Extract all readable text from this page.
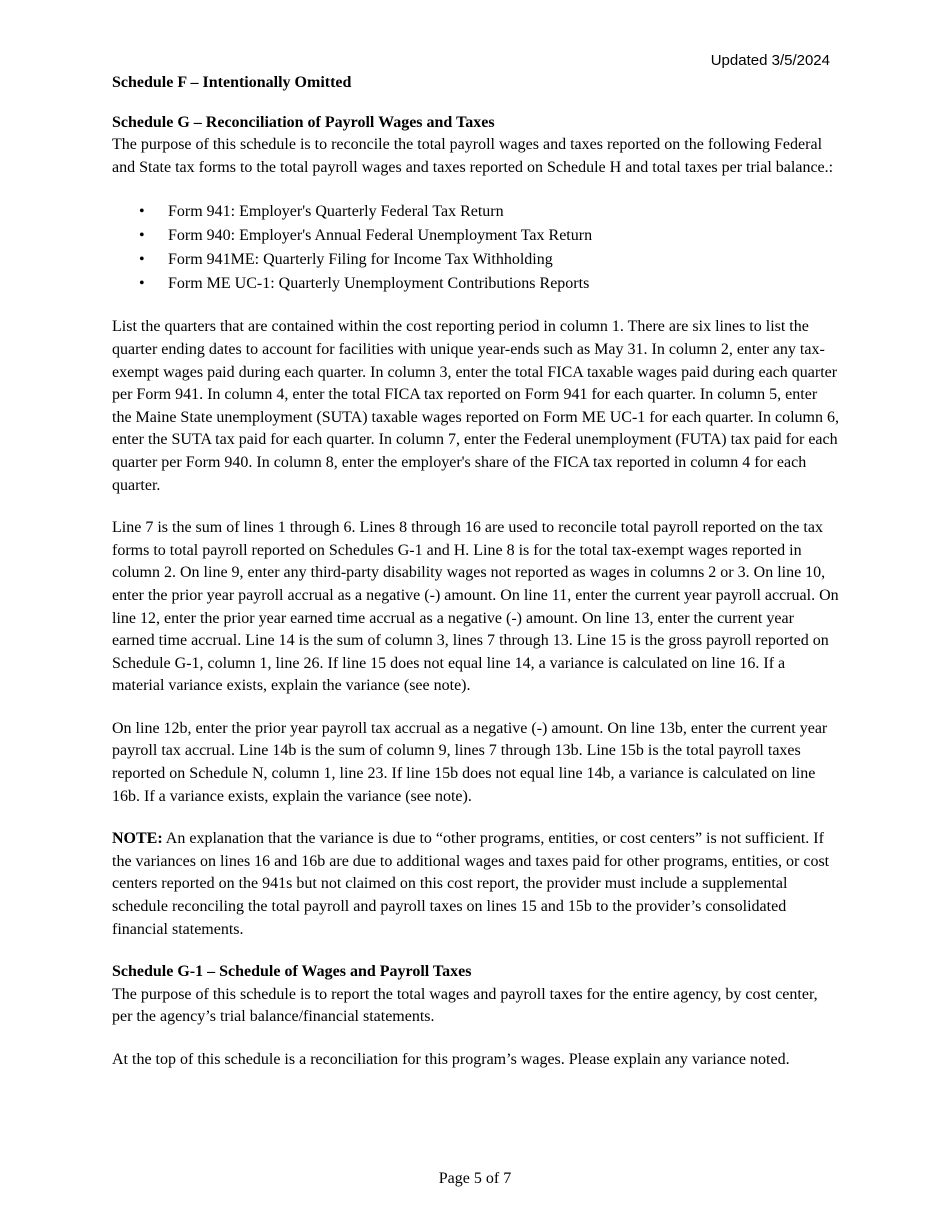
Updated 3/5/2024

Schedule F – Intentionally Omitted

Schedule G – Reconciliation of Payroll Wages and Taxes

The purpose of this schedule is to reconcile the total payroll wages and taxes reported on the following Federal and State tax forms to the total payroll wages and taxes reported on Schedule H and total taxes per trial balance.:

• Form 941: Employer's Quarterly Federal Tax Return
• Form 940: Employer's Annual Federal Unemployment Tax Return
• Form 941ME: Quarterly Filing for Income Tax Withholding
• Form ME UC-1: Quarterly Unemployment Contributions Reports

List the quarters that are contained within the cost reporting period in column 1. There are six lines to list the quarter ending dates to account for facilities with unique year-ends such as May 31. In column 2, enter any tax-exempt wages paid during each quarter. In column 3, enter the total FICA taxable wages paid during each quarter per Form 941. In column 4, enter the total FICA tax reported on Form 941 for each quarter. In column 5, enter the Maine State unemployment (SUTA) taxable wages reported on Form ME UC-1 for each quarter. In column 6, enter the SUTA tax paid for each quarter. In column 7, enter the Federal unemployment (FUTA) tax paid for each quarter per Form 940. In column 8, enter the employer's share of the FICA tax reported in column 4 for each quarter.

Line 7 is the sum of lines 1 through 6. Lines 8 through 16 are used to reconcile total payroll reported on the tax forms to total payroll reported on Schedules G-1 and H. Line 8 is for the total tax-exempt wages reported in column 2. On line 9, enter any third-party disability wages not reported as wages in columns 2 or 3. On line 10, enter the prior year payroll accrual as a negative (-) amount. On line 11, enter the current year payroll accrual. On line 12, enter the prior year earned time accrual as a negative (-) amount. On line 13, enter the current year earned time accrual. Line 14 is the sum of column 3, lines 7 through 13. Line 15 is the gross payroll reported on Schedule G-1, column 1, line 26. If line 15 does not equal line 14, a variance is calculated on line 16. If a material variance exists, explain the variance (see note).

On line 12b, enter the prior year payroll tax accrual as a negative (-) amount. On line 13b, enter the current year payroll tax accrual. Line 14b is the sum of column 9, lines 7 through 13b. Line 15b is the total payroll taxes reported on Schedule N, column 1, line 23. If line 15b does not equal line 14b, a variance is calculated on line 16b. If a variance exists, explain the variance (see note).

NOTE: An explanation that the variance is due to “other programs, entities, or cost centers” is not sufficient. If the variances on lines 16 and 16b are due to additional wages and taxes paid for other programs, entities, or cost centers reported on the 941s but not claimed on this cost report, the provider must include a supplemental schedule reconciling the total payroll and payroll taxes on lines 15 and 15b to the provider’s consolidated financial statements.

Schedule G-1 – Schedule of Wages and Payroll Taxes

The purpose of this schedule is to report the total wages and payroll taxes for the entire agency, by cost center, per the agency’s trial balance/financial statements.

At the top of this schedule is a reconciliation for this program’s wages. Please explain any variance noted.

Page 5 of 7
